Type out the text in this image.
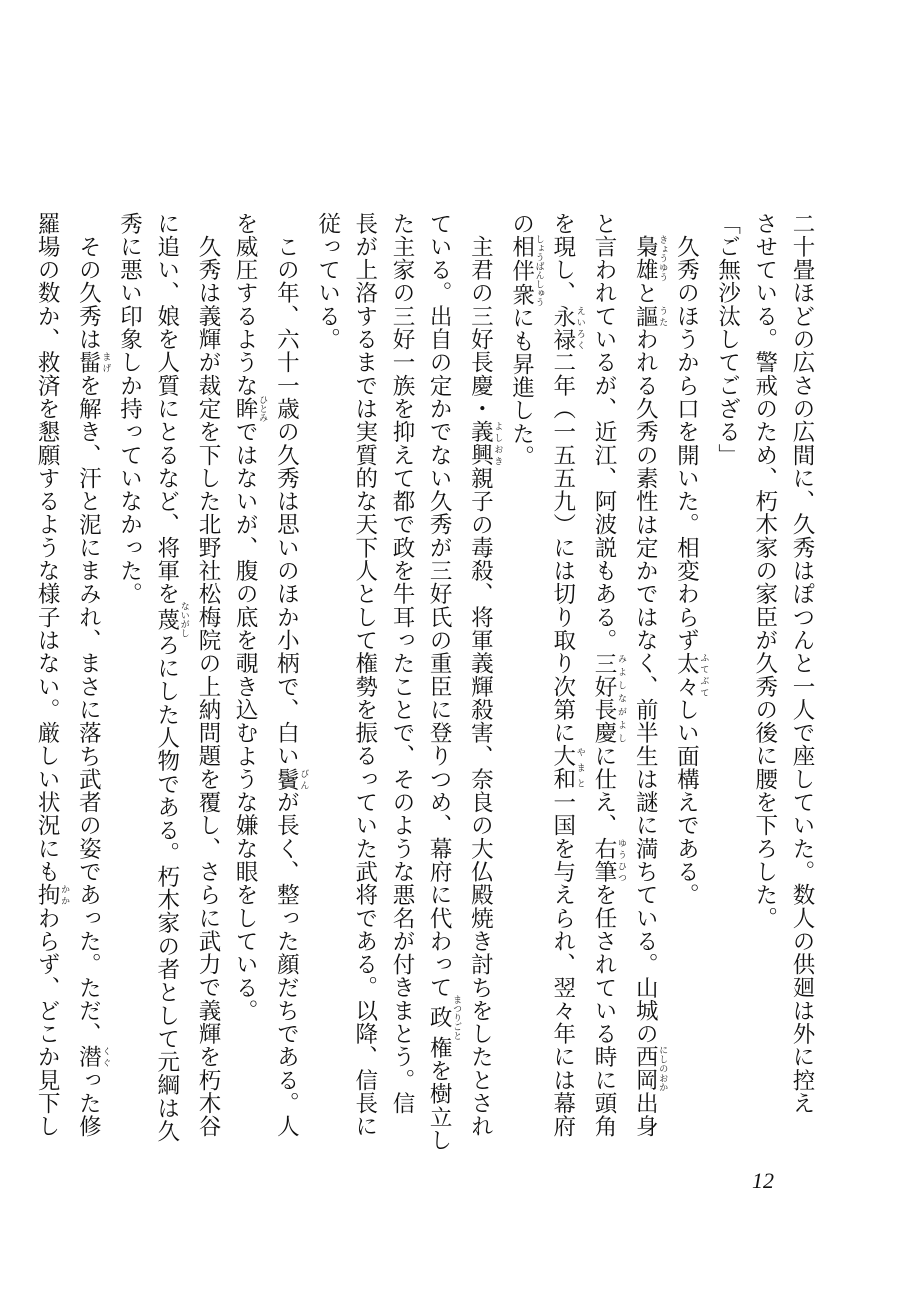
二十畳ほどの広さの広間に、久秀はぽつんと一人で座していた。数人の供廻は外に控え
させている。警戒のため、朽木家の家臣が久秀の後に腰を下ろした。
「ご無沙汰してござる」
　久秀のほうから口を開いた。相変わらず太々 ふてぶてしい面構えである。
　梟雄 きょうゆうと謳 うたわれる久秀の素性は定かではなく、前半生は謎に満ちている。山城の西岡 にしのおか出身
と言われているが、近江、阿波説もある。三好長慶 みよしながよしに仕え、右筆 ゆうひつを任されている時に頭角
を現し、永禄 えいろく二年（一五五九）には切り取り次第に大和 やまと一国を与えられ、翌々年には幕府
の相伴衆 しょうばんしゅうにも昇進した。
　主君の三好長慶・義興 よしおき親子の毒殺、将軍義輝殺害、奈良の大仏殿焼き討ちをしたとされ
ている。出自の定かでない久秀が三好氏の重臣に登りつめ、幕府に代わって政 まつりごと権を樹立し
た主家の三好一族を抑えて都で政を牛耳ったことで、そのような悪名が付きまとう。信
長が上洛するまでは実質的な天下人として権勢を振るっていた武将である。以降、信長に
従っている。
　この年、六十一歳の久秀は思いのほか小柄で、白い鬢 びんが長く、整った顔だちである。人
を威圧するような眸 ひとみではないが、腹の底を覗き込むような嫌な眼をしている。
　久秀は義輝が裁定を下した北野社松梅院の上納問題を覆し、さらに武力で義輝を朽木谷
に追い、娘を人質にとるなど、将軍を蔑 ないがしろにした人物である。朽木家の者として元綱は久
秀に悪い印象しか持っていなかった。
　その久秀は髷 まげを解き、汗と泥にまみれ、まさに落ち武者の姿であった。ただ、潜 くぐった修
羅場の数か、救済を懇願するような様子はない。厳しい状況にも拘 かかわらず、どこか見下し
12
